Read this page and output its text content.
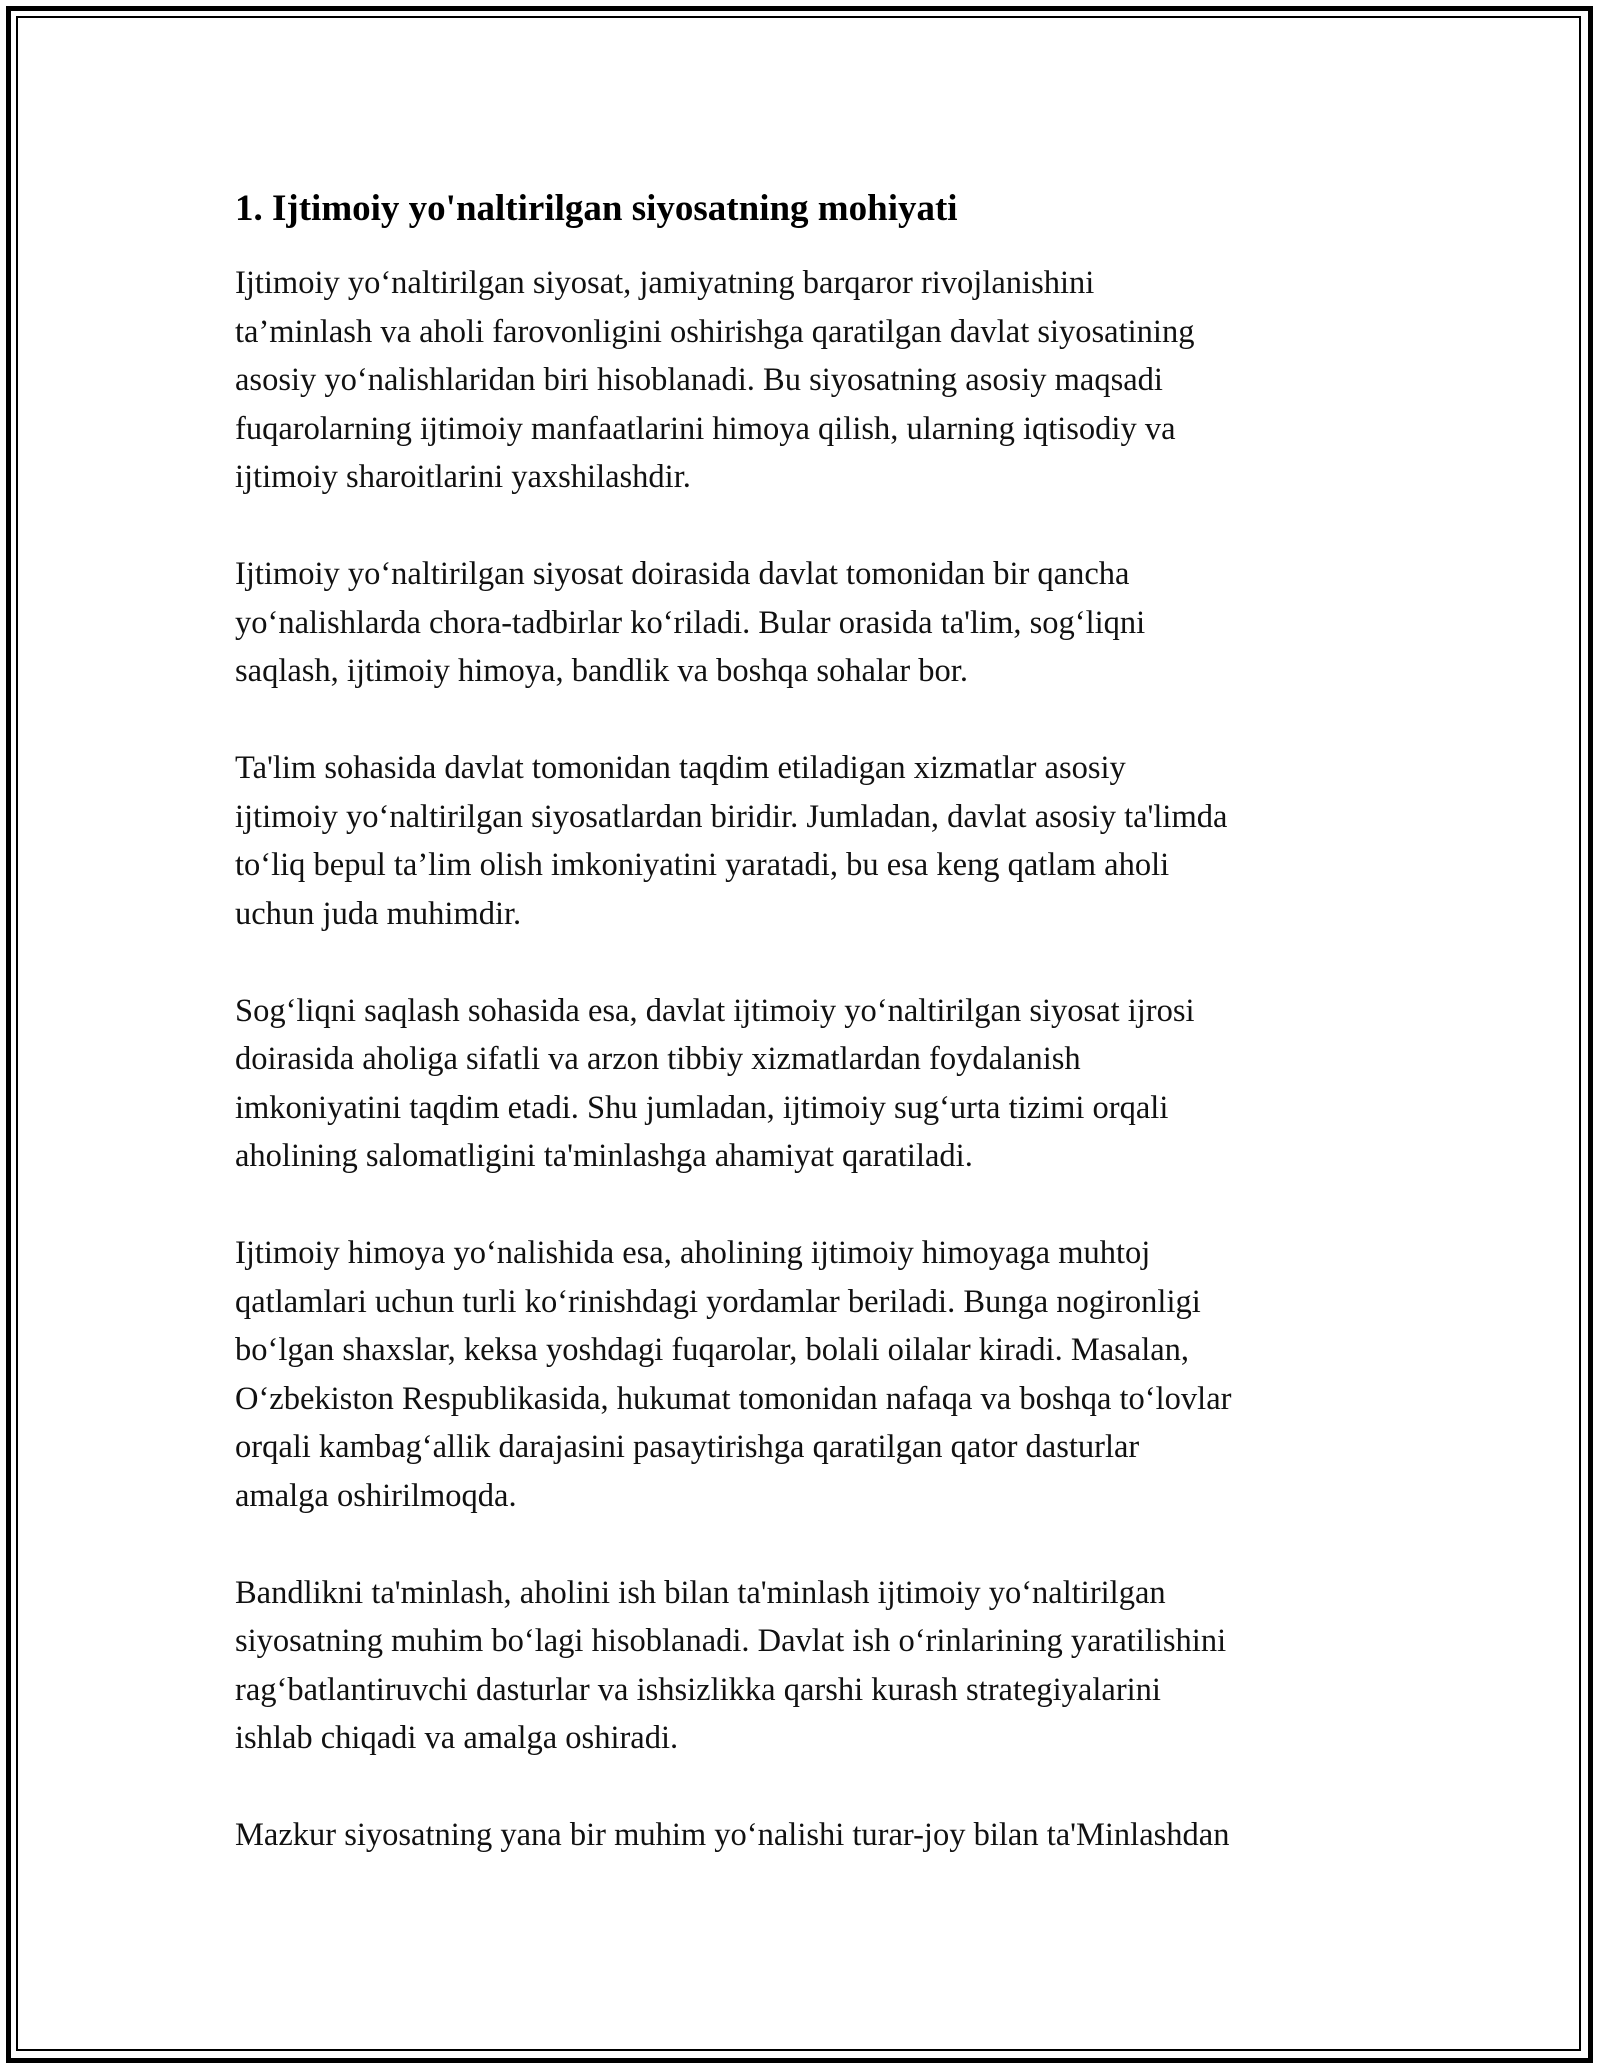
1. Ijtimoiy yo'naltirilgan siyosatning mohiyati

Ijtimoiy yo‘naltirilgan siyosat, jamiyatning barqaror rivojlanishini
ta’minlash va aholi farovonligini oshirishga qaratilgan davlat siyosatining
asosiy yo‘nalishlaridan biri hisoblanadi. Bu siyosatning asosiy maqsadi
fuqarolarning ijtimoiy manfaatlarini himoya qilish, ularning iqtisodiy va
ijtimoiy sharoitlarini yaxshilashdir.

Ijtimoiy yo‘naltirilgan siyosat doirasida davlat tomonidan bir qancha
yo‘nalishlarda chora-tadbirlar ko‘riladi. Bular orasida ta'lim, sog‘liqni
saqlash, ijtimoiy himoya, bandlik va boshqa sohalar bor.

Ta'lim sohasida davlat tomonidan taqdim etiladigan xizmatlar asosiy
ijtimoiy yo‘naltirilgan siyosatlardan biridir. Jumladan, davlat asosiy ta'limda
to‘liq bepul ta’lim olish imkoniyatini yaratadi, bu esa keng qatlam aholi
uchun juda muhimdir.

Sog‘liqni saqlash sohasida esa, davlat ijtimoiy yo‘naltirilgan siyosat ijrosi
doirasida aholiga sifatli va arzon tibbiy xizmatlardan foydalanish
imkoniyatini taqdim etadi. Shu jumladan, ijtimoiy sug‘urta tizimi orqali
aholining salomatligini ta'minlashga ahamiyat qaratiladi.

Ijtimoiy himoya yo‘nalishida esa, aholining ijtimoiy himoyaga muhtoj
qatlamlari uchun turli ko‘rinishdagi yordamlar beriladi. Bunga nogironligi
bo‘lgan shaxslar, keksa yoshdagi fuqarolar, bolali oilalar kiradi. Masalan,
O‘zbekiston Respublikasida, hukumat tomonidan nafaqa va boshqa to‘lovlar
orqali kambag‘allik darajasini pasaytirishga qaratilgan qator dasturlar
amalga oshirilmoqda.

Bandlikni ta'minlash, aholini ish bilan ta'minlash ijtimoiy yo‘naltirilgan
siyosatning muhim bo‘lagi hisoblanadi. Davlat ish o‘rinlarining yaratilishini
rag‘batlantiruvchi dasturlar va ishsizlikka qarshi kurash strategiyalarini
ishlab chiqadi va amalga oshiradi.

Mazkur siyosatning yana bir muhim yo‘nalishi turar-joy bilan ta'Minlashdan
